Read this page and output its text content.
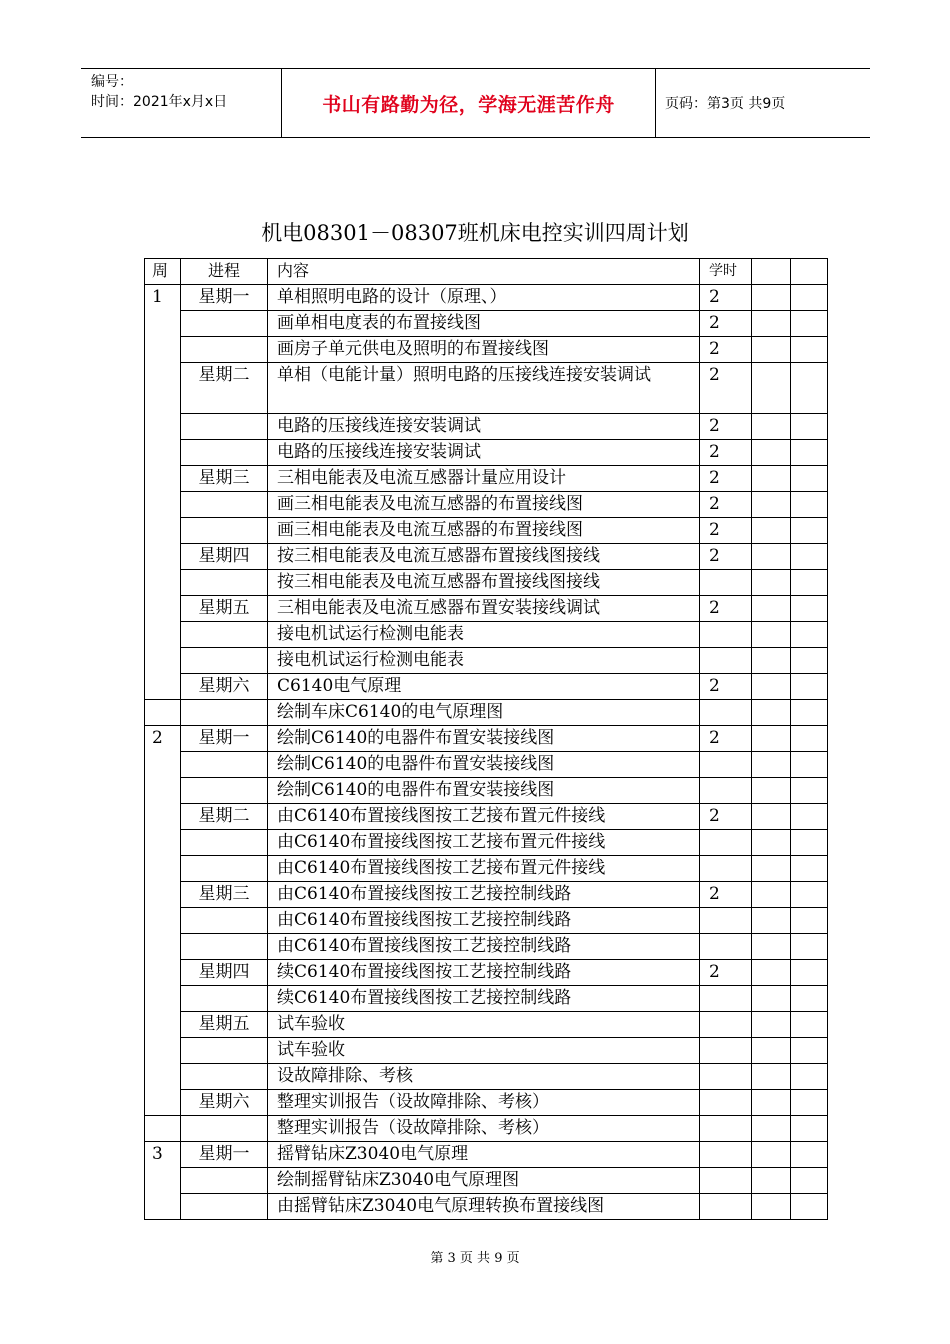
编号：
时间：2021年x月x日	书山有路勤为径，学海无涯苦作舟	页码：第3页 共9页
机电08301－08307班机床电控实训四周计划
周	进程	内容	学时		
1	星期一	单相照明电路的设计（原理、）	2		
		画单相电度表的布置接线图	2		
		画房子单元供电及照明的布置接线图	2		
	星期二	单相（电能计量）照明电路的压接线连接安装调试	2		
		电路的压接线连接安装调试	2		
		电路的压接线连接安装调试	2		
	星期三	三相电能表及电流互感器计量应用设计	2		
		画三相电能表及电流互感器的布置接线图	2		
		画三相电能表及电流互感器的布置接线图	2		
	星期四	按三相电能表及电流互感器布置接线图接线	2		
		按三相电能表及电流互感器布置接线图接线			
	星期五	三相电能表及电流互感器布置安装接线调试	2		
		接电机试运行检测电能表			
		接电机试运行检测电能表			
	星期六	C6140电气原理	2		
		绘制车床C6140的电气原理图			
2	星期一	绘制C6140的电器件布置安装接线图	2		
		绘制C6140的电器件布置安装接线图			
		绘制C6140的电器件布置安装接线图			
	星期二	由C6140布置接线图按工艺接布置元件接线	2		
		由C6140布置接线图按工艺接布置元件接线			
		由C6140布置接线图按工艺接布置元件接线			
	星期三	由C6140布置接线图按工艺接控制线路	2		
		由C6140布置接线图按工艺接控制线路			
		由C6140布置接线图按工艺接控制线路			
	星期四	续C6140布置接线图按工艺接控制线路	2		
		续C6140布置接线图按工艺接控制线路			
	星期五	试车验收			
		试车验收			
		设故障排除、考核			
	星期六	整理实训报告（设故障排除、考核）			
		整理实训报告（设故障排除、考核）			
3	星期一	摇臂钻床Z3040电气原理			
		绘制摇臂钻床Z3040电气原理图			
		由摇臂钻床Z3040电气原理转换布置接线图			
第 3 页 共 9 页
